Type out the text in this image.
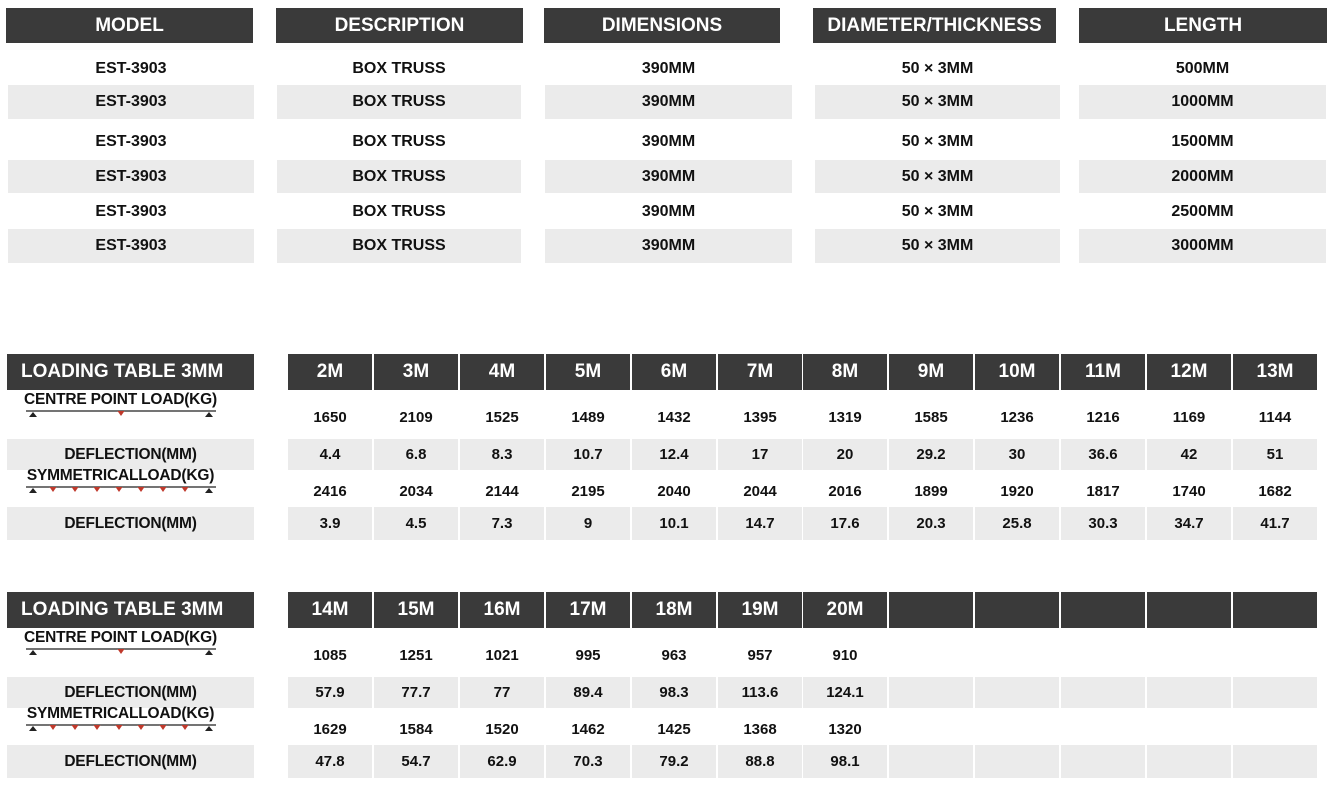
MODEL	DESCRIPTION	DIMENSIONS	DIAMETER/THICKNESS	LENGTH
EST-3903	BOX TRUSS	390MM	50 × 3MM	500MM
EST-3903	BOX TRUSS	390MM	50 × 3MM	1000MM
EST-3903	BOX TRUSS	390MM	50 × 3MM	1500MM
EST-3903	BOX TRUSS	390MM	50 × 3MM	2000MM
EST-3903	BOX TRUSS	390MM	50 × 3MM	2500MM
EST-3903	BOX TRUSS	390MM	50 × 3MM	3000MM
LOADING TABLE 3MM	2M	3M	4M	5M	6M	7M	8M	9M	10M	11M	12M	13M
CENTRE POINT LOAD(KG)
1650	2109	1525	1489	1432	1395	1319	1585	1236	1216	1169	1144
DEFLECTION(MM)	4.4	6.8	8.3	10.7	12.4	17	20	29.2	30	36.6	42	51
SYMMETRICALLOAD(KG)
2416	2034	2144	2195	2040	2044	2016	1899	1920	1817	1740	1682
DEFLECTION(MM)	3.9	4.5	7.3	9	10.1	14.7	17.6	20.3	25.8	30.3	34.7	41.7
LOADING TABLE 3MM	14M	15M	16M	17M	18M	19M	20M
CENTRE POINT LOAD(KG)
1085	1251	1021	995	963	957	910
DEFLECTION(MM)	57.9	77.7	77	89.4	98.3	113.6	124.1
SYMMETRICALLOAD(KG)
1629	1584	1520	1462	1425	1368	1320
DEFLECTION(MM)	47.8	54.7	62.9	70.3	79.2	88.8	98.1
